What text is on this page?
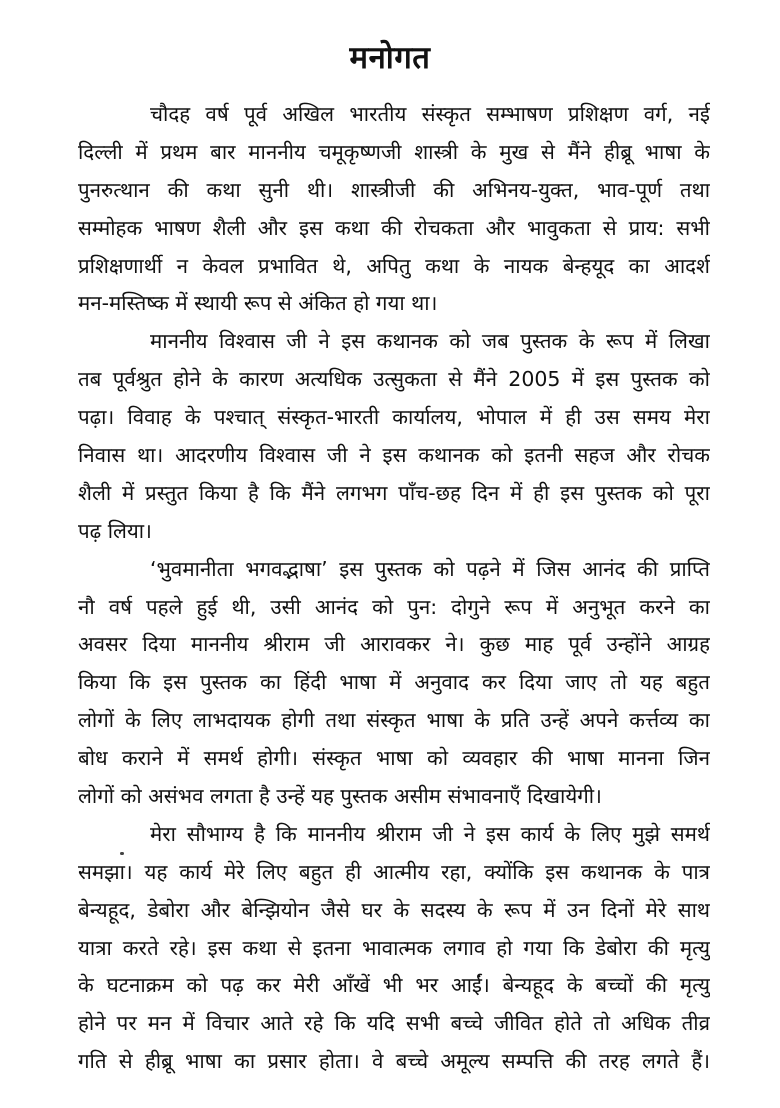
मनोगत
चौदह वर्ष पूर्व अखिल भारतीय संस्कृत सम्भाषण प्रशिक्षण वर्ग, नई
दिल्ली में प्रथम बार माननीय चमूकृष्णजी शास्त्री के मुख से मैंने हीब्रू भाषा के
पुनरुत्थान की कथा सुनी थी। शास्त्रीजी की अभिनय-युक्त, भाव-पूर्ण तथा
सम्मोहक भाषण शैली और इस कथा की रोचकता और भावुकता से प्राय: सभी
प्रशिक्षणार्थी न केवल प्रभावित थे, अपितु कथा के नायक बेन्हयूद का आदर्श
मन-मस्तिष्क में स्थायी रूप से अंकित हो गया था।
माननीय विश्वास जी ने इस कथानक को जब पुस्तक के रूप में लिखा
तब पूर्वश्रुत होने के कारण अत्यधिक उत्सुकता से मैंने 2005 में इस पुस्तक को
पढ़ा। विवाह के पश्चात् संस्कृत-भारती कार्यालय, भोपाल में ही उस समय मेरा
निवास था। आदरणीय विश्वास जी ने इस कथानक को इतनी सहज और रोचक
शैली में प्रस्तुत किया है कि मैंने लगभग पाँच-छह दिन में ही इस पुस्तक को पूरा
पढ़ लिया।
‘भुवमानीता भगवद्भाषा’ इस पुस्तक को पढ़ने में जिस आनंद की प्राप्ति
नौ वर्ष पहले हुई थी, उसी आनंद को पुन: दोगुने रूप में अनुभूत करने का
अवसर दिया माननीय श्रीराम जी आरावकर ने। कुछ माह पूर्व उन्होंने आग्रह
किया कि इस पुस्तक का हिंदी भाषा में अनुवाद कर दिया जाए तो यह बहुत
लोगों के लिए लाभदायक होगी तथा संस्कृत भाषा के प्रति उन्हें अपने कर्त्तव्य का
बोध कराने में समर्थ होगी। संस्कृत भाषा को व्यवहार की भाषा मानना जिन
लोगों को असंभव लगता है उन्हें यह पुस्तक असीम संभावनाएँ दिखायेगी।
मेरा सौभाग्य है कि माननीय श्रीराम जी ने इस कार्य के लिए मुझे समर्थ
समझा। यह कार्य मेरे लिए बहुत ही आत्मीय रहा, क्योंकि इस कथानक के पात्र
बेन्यहूद, डेबोरा और बेन्झियोन जैसे घर के सदस्य के रूप में उन दिनों मेरे साथ
यात्रा करते रहे। इस कथा से इतना भावात्मक लगाव हो गया कि डेबोरा की मृत्यु
के घटनाक्रम को पढ़ कर मेरी आँखें भी भर आईं। बेन्यहूद के बच्चों की मृत्यु
होने पर मन में विचार आते रहे कि यदि सभी बच्चे जीवित होते तो अधिक तीव्र
गति से हीब्रू भाषा का प्रसार होता। वे बच्चे अमूल्य सम्पत्ति की तरह लगते हैं।
